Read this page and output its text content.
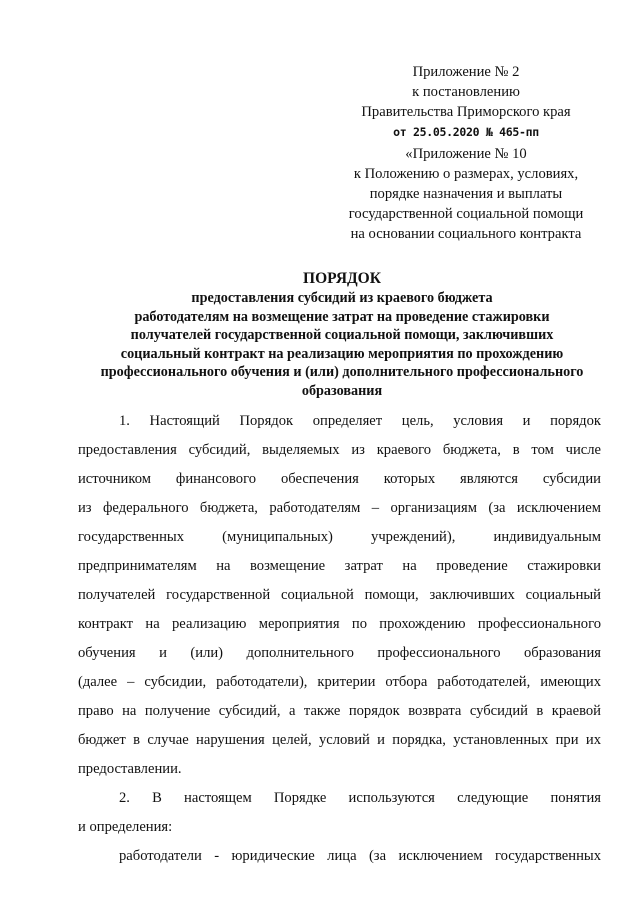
Приложение № 2
к постановлению
Правительства Приморского края
от 25.05.2020 № 465-пп
«Приложение № 10
к Положению о размерах, условиях,
порядке назначения и выплаты
государственной социальной помощи
на основании социального контракта
ПОРЯДОК
предоставления субсидий из краевого бюджета
работодателям на возмещение затрат на проведение стажировки
получателей государственной социальной помощи, заключивших
социальный контракт на реализацию мероприятия по прохождению
профессионального обучения и (или) дополнительного профессионального
образования
1. Настоящий Порядок определяет цель, условия и порядок
предоставления субсидий, выделяемых из краевого бюджета, в том числе
источником финансового обеспечения которых являются субсидии
из федерального бюджета, работодателям – организациям (за исключением
государственных (муниципальных) учреждений), индивидуальным
предпринимателям на возмещение затрат на проведение стажировки
получателей государственной социальной помощи, заключивших социальный
контракт на реализацию мероприятия по прохождению профессионального
обучения и (или) дополнительного профессионального образования
(далее – субсидии, работодатели), критерии отбора работодателей, имеющих
право на получение субсидий, а также порядок возврата субсидий в краевой
бюджет в случае нарушения целей, условий и порядка, установленных при их
предоставлении.
2. В настоящем Порядке используются следующие понятия
и определения:
работодатели - юридические лица (за исключением государственных
